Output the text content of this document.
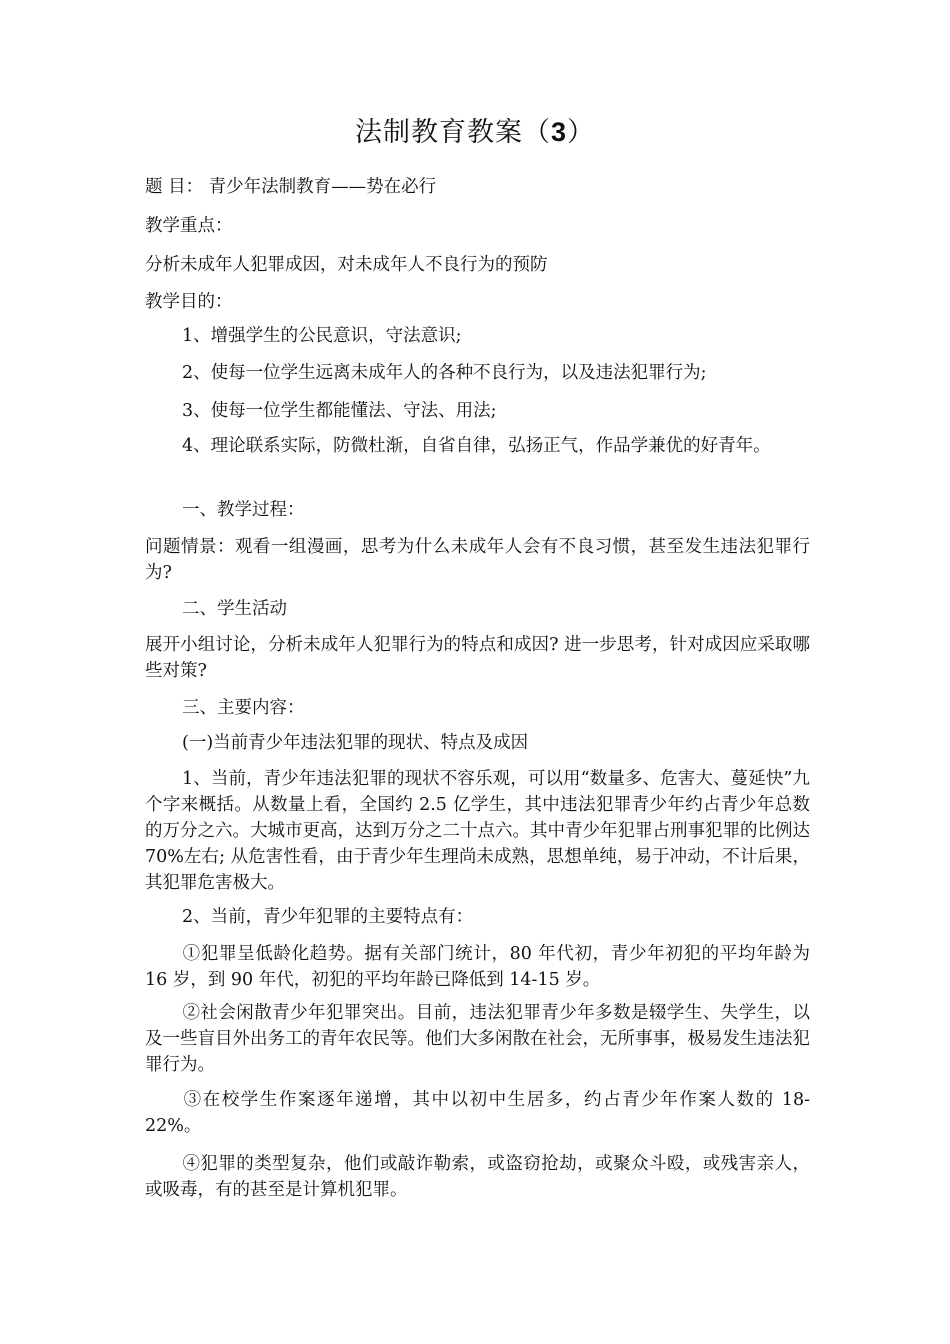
法制教育教案（3）

题 目： 青少年法制教育——势在必行

教学重点：

分析未成年人犯罪成因，对未成年人不良行为的预防

教学目的：

1、增强学生的公民意识，守法意识;

2、使每一位学生远离未成年人的各种不良行为，以及违法犯罪行为;

3、使每一位学生都能懂法、守法、用法;

4、理论联系实际，防微杜渐，自省自律，弘扬正气，作品学兼优的好青年。

一、教学过程：

问题情景：观看一组漫画，思考为什么未成年人会有不良习惯，甚至发生违法犯罪行为?

二、学生活动

展开小组讨论，分析未成年人犯罪行为的特点和成因? 进一步思考，针对成因应采取哪些对策?

三、主要内容：

(一)当前青少年违法犯罪的现状、特点及成因

1、当前，青少年违法犯罪的现状不容乐观，可以用“数量多、危害大、蔓延快”九个字来概括。从数量上看，全国约 2.5 亿学生，其中违法犯罪青少年约占青少年总数的万分之六。大城市更高，达到万分之二十点六。其中青少年犯罪占刑事犯罪的比例达 70%左右; 从危害性看，由于青少年生理尚未成熟，思想单纯，易于冲动，不计后果，其犯罪危害极大。

2、当前，青少年犯罪的主要特点有：

①犯罪呈低龄化趋势。据有关部门统计，80 年代初，青少年初犯的平均年龄为 16 岁，到 90 年代，初犯的平均年龄已降低到 14-15 岁。

②社会闲散青少年犯罪突出。目前，违法犯罪青少年多数是辍学生、失学生，以及一些盲目外出务工的青年农民等。他们大多闲散在社会，无所事事，极易发生违法犯罪行为。

③在校学生作案逐年递增，其中以初中生居多，约占青少年作案人数的 18-22%。

④犯罪的类型复杂，他们或敲诈勒索，或盗窃抢劫，或聚众斗殴，或残害亲人，或吸毒，有的甚至是计算机犯罪。
